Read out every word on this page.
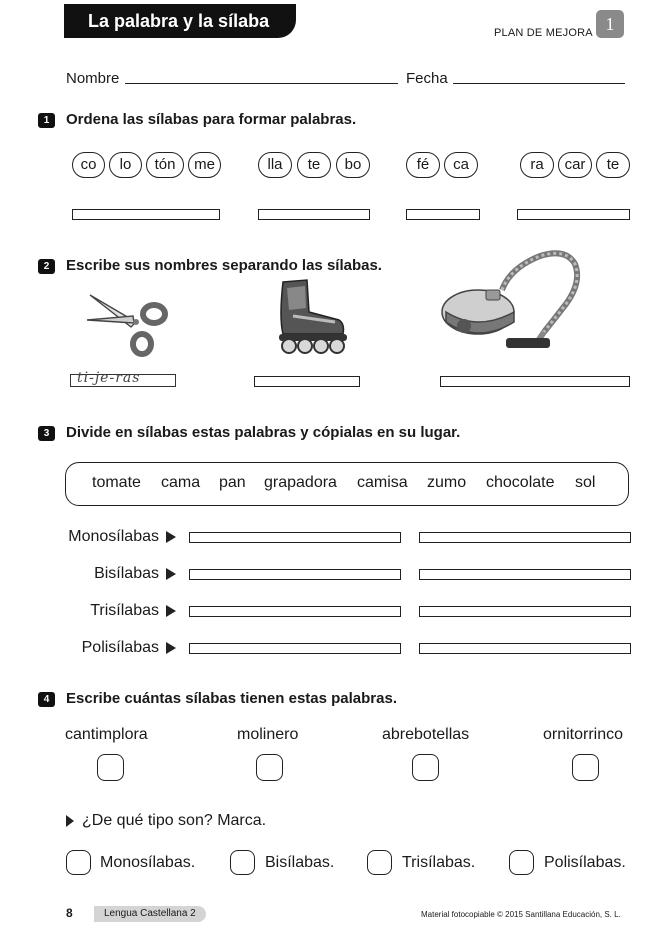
La palabra y la sílaba
PLAN DE MEJORA 1
Nombre	Fecha
1	Ordena las sílabas para formar palabras.
co	lo	tón	me	lla	te	bo	fé	ca	ra	car	te
2	Escribe sus nombres separando las sílabas.
ti-je-ras
3	Divide en sílabas estas palabras y cópialas en su lugar.
tomate cama pan grapadora camisa zumo chocolate sol
Monosílabas
Bisílabas
Trisílabas
Polisílabas
4	Escribe cuántas sílabas tienen estas palabras.
cantimplora	molinero	abrebotellas	ornitorrinco
¿De qué tipo son? Marca.
Monosílabas.	Bisílabas.	Trisílabas.	Polisílabas.
8	Lengua Castellana 2	Material fotocopiable © 2015 Santillana Educación, S. L.
